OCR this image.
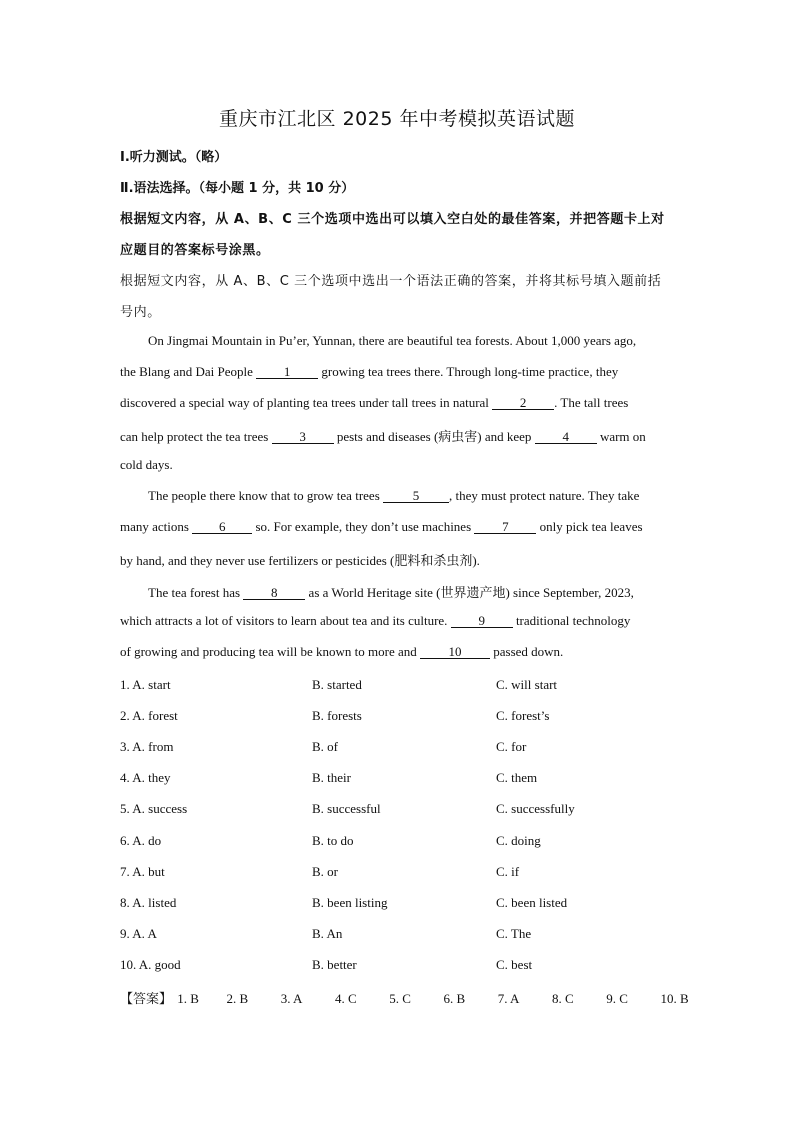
重庆市江北区 2025 年中考模拟英语试题
Ⅰ.听力测试。（略）
Ⅱ.语法选择。（每小题 1 分，共 10 分）
根据短文内容，从 A、B、C 三个选项中选出可以填入空白处的最佳答案，并把答题卡上对
应题目的答案标号涂黑。
根据短文内容，从 A、B、C 三个选项中选出一个语法正确的答案，并将其标号填入题前括
号内。
On Jingmai Mountain in Pu’er, Yunnan, there are beautiful tea forests. About 1,000 years ago,
the Blang and Dai People 1 growing tea trees there. Through long-time practice, they
discovered a special way of planting tea trees under tall trees in natural 2 . The tall trees
can help protect the tea trees 3 pests and diseases (病虫害) and keep 4 warm on
cold days.
The people there know that to grow tea trees 5 , they must protect nature. They take
many actions 6 so. For example, they don’t use machines 7 only pick tea leaves
by hand, and they never use fertilizers or pesticides (肥料和杀虫剂).
The tea forest has 8 as a World Heritage site (世界遗产地) since September, 2023,
which attracts a lot of visitors to learn about tea and its culture. 9 traditional technology
of growing and producing tea will be known to more and 10 passed down.
1. A. start	B. started	C. will start
2. A. forest	B. forests	C. forest’s
3. A. from	B. of	C. for
4. A. they	B. their	C. them
5. A. success	B. successful	C. successfully
6. A. do	B. to do	C. doing
7. A. but	B. or	C. if
8. A. listed	B. been listing	C. been listed
9. A. A	B. An	C. The
10. A. good	B. better	C. best
【答案】 1. B 2. B	3. A	4. C	5. C	6. B	7. A	8. C	9. C	10. B
